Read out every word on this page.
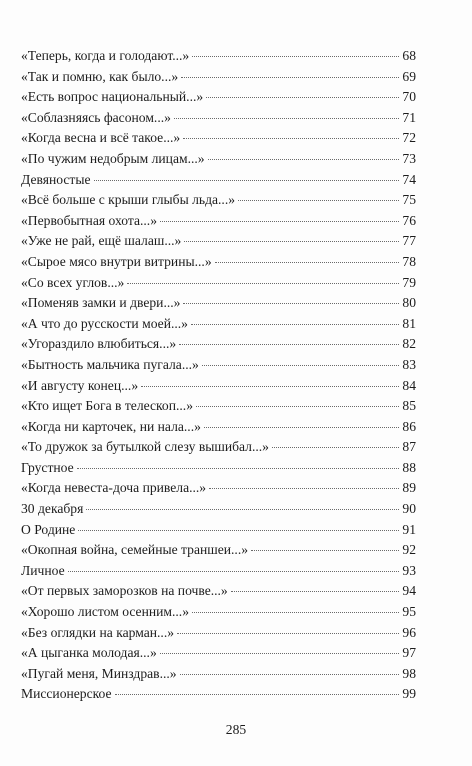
«Теперь, когда и голодают...»	68
«Так и помню, как было...»	69
«Есть вопрос национальный...»	70
«Соблазняясь фасоном...»	71
«Когда весна и всё такое...»	72
«По чужим недобрым лицам...»	73
Девяностые	74
«Всё больше с крыши глыбы льда...»	75
«Первобытная охота...»	76
«Уже не рай, ещё шалаш...»	77
«Сырое мясо внутри витрины...»	78
«Со всех углов...»	79
«Поменяв замки и двери...»	80
«А что до русскости моей...»	81
«Угораздило влюбиться...»	82
«Бытность мальчика пугала...»	83
«И августу конец...»	84
«Кто ищет Бога в телескоп...»	85
«Когда ни карточек, ни нала...»	86
«То дружок за бутылкой слезу вышибал...»	87
Грустное	88
«Когда невеста-доча привела...»	89
30 декабря	90
О Родине	91
«Окопная война, семейные траншеи...»	92
Личное	93
«От первых заморозков на почве...»	94
«Хорошо листом осенним...»	95
«Без оглядки на карман...»	96
«А цыганка молодая...»	97
«Пугай меня, Минздрав...»	98
Миссионерское	99
285
